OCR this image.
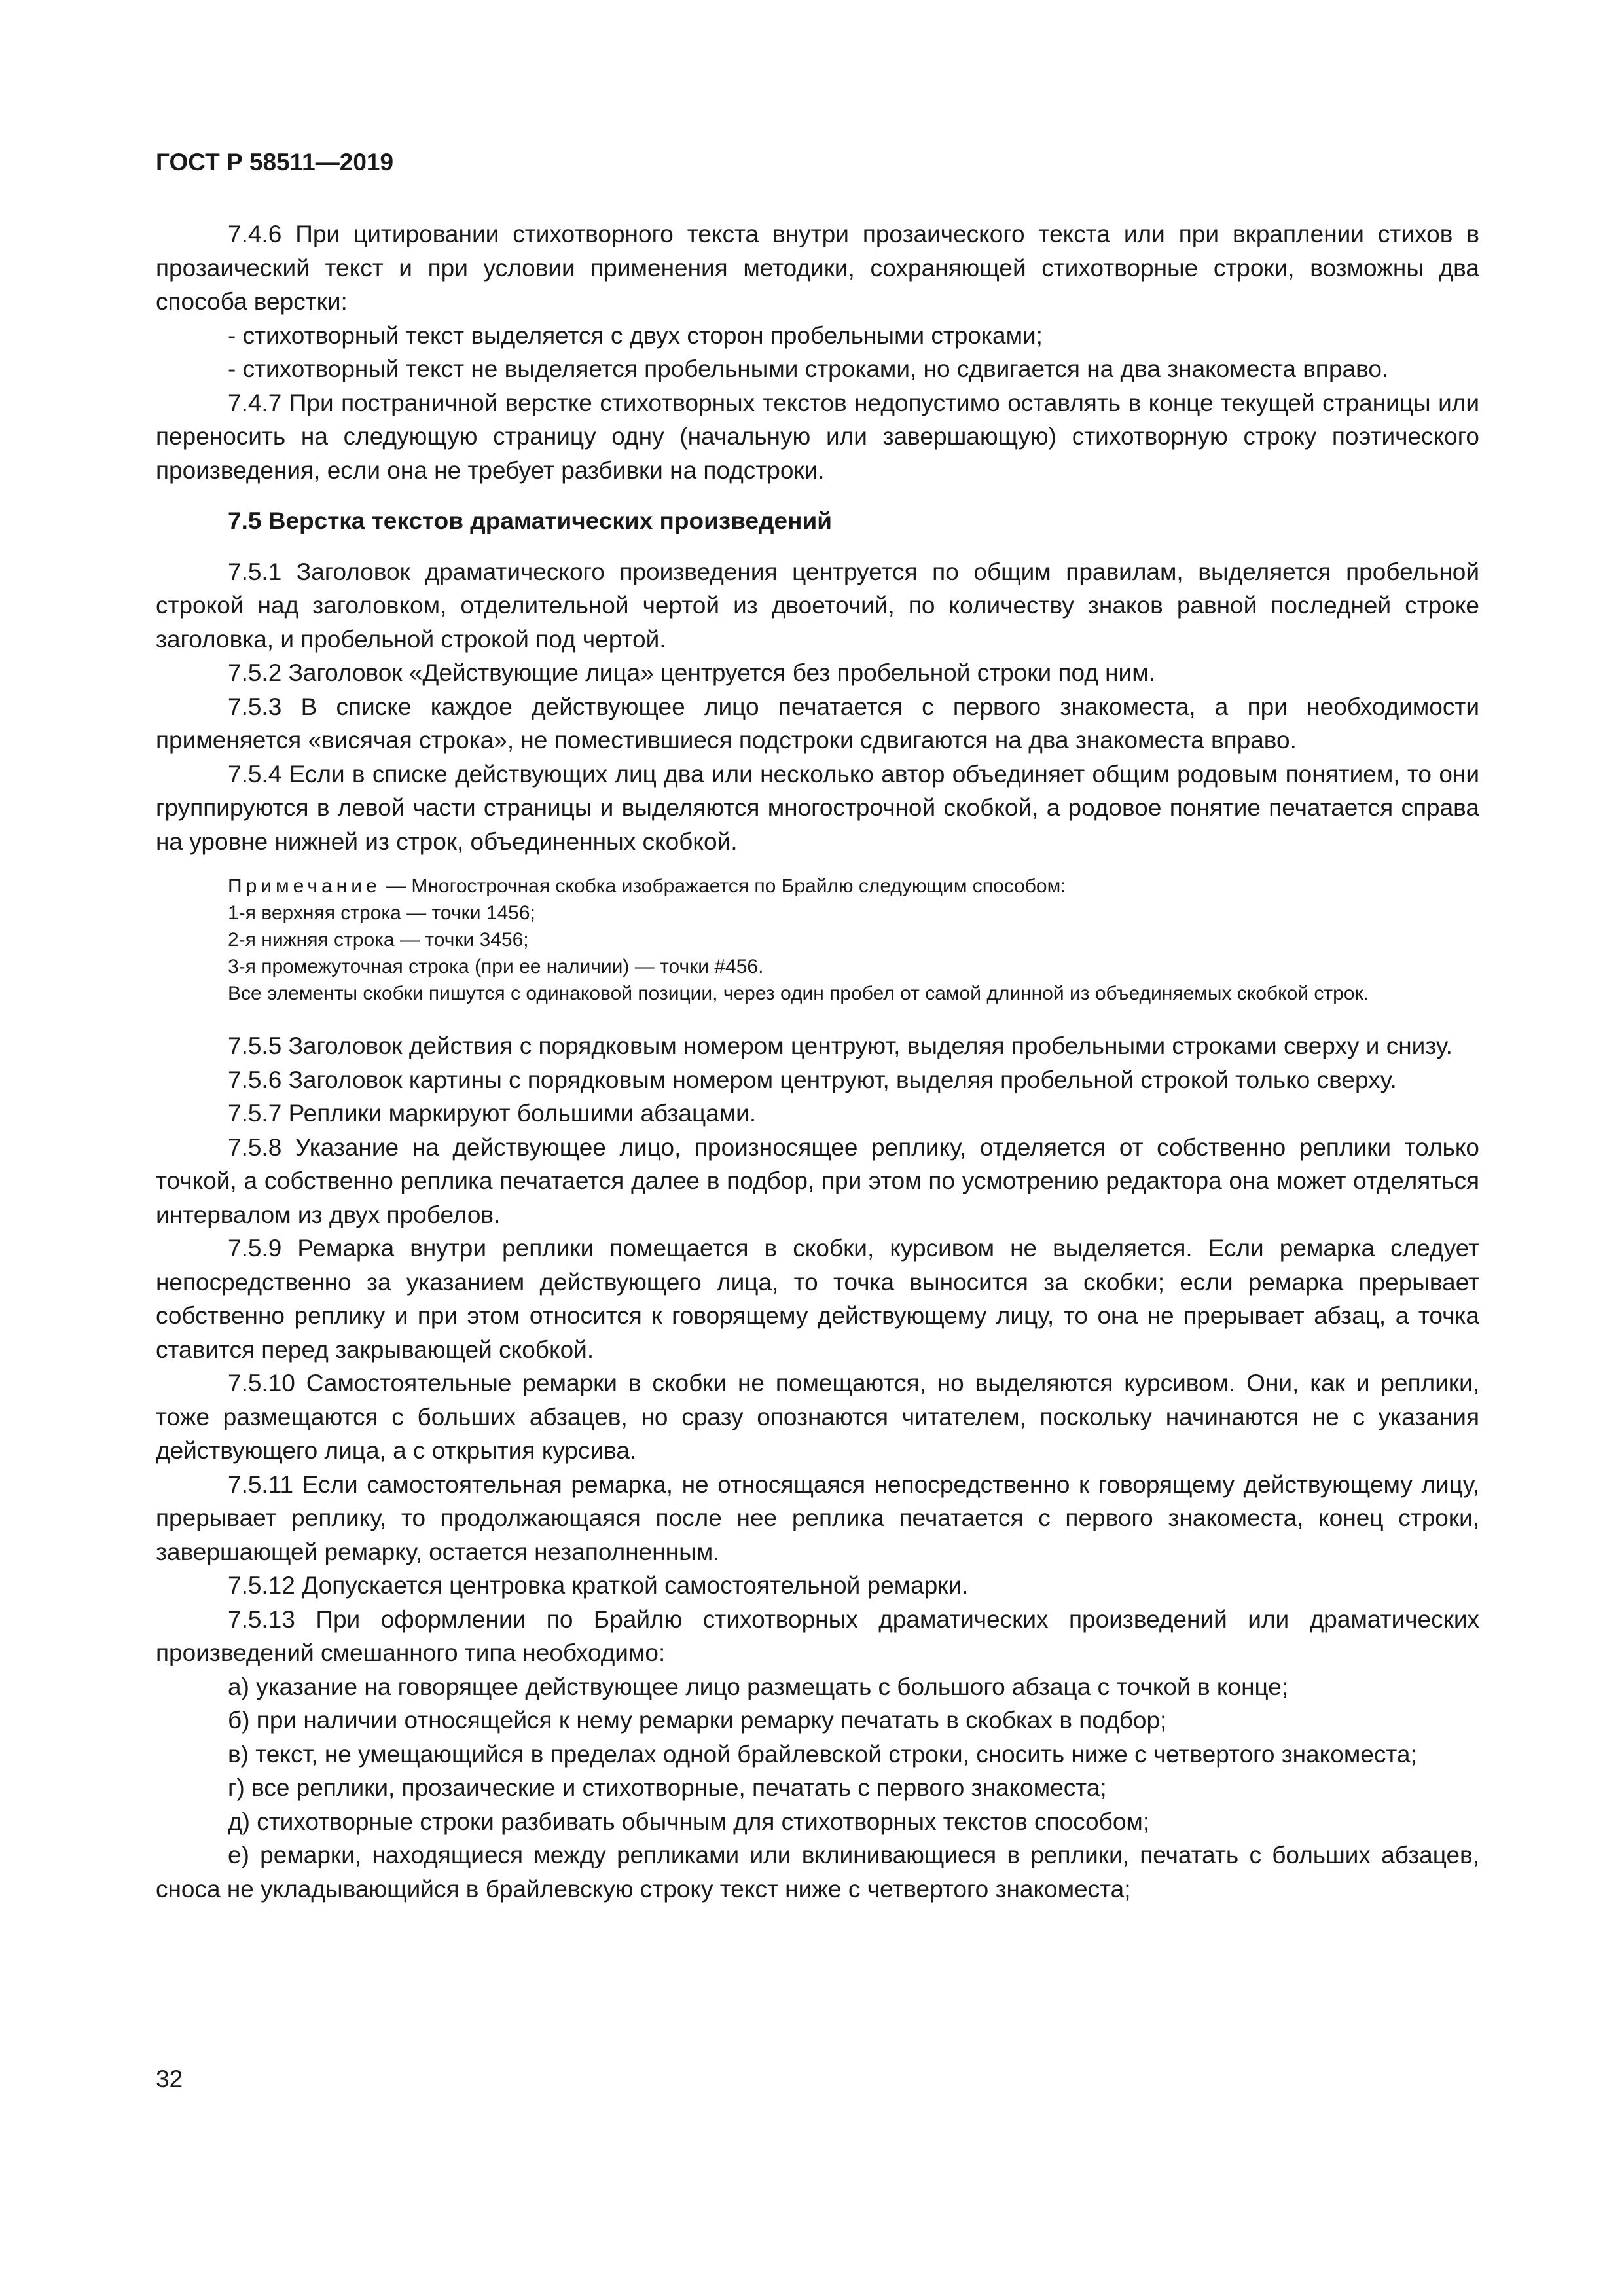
ГОСТ Р 58511—2019

7.4.6 При цитировании стихотворного текста внутри прозаического текста или при вкраплении стихов в прозаический текст и при условии применения методики, сохраняющей стихотворные строки, возможны два способа верстки:

- стихотворный текст выделяется с двух сторон пробельными строками;

- стихотворный текст не выделяется пробельными строками, но сдвигается на два знакоместа вправо.

7.4.7 При постраничной верстке стихотворных текстов недопустимо оставлять в конце текущей страницы или переносить на следующую страницу одну (начальную или завершающую) стихотворную строку поэтического произведения, если она не требует разбивки на подстроки.

7.5 Верстка текстов драматических произведений

7.5.1 Заголовок драматического произведения центруется по общим правилам, выделяется пробельной строкой над заголовком, отделительной чертой из двоеточий, по количеству знаков равной последней строке заголовка, и пробельной строкой под чертой.

7.5.2 Заголовок «Действующие лица» центруется без пробельной строки под ним.

7.5.3 В списке каждое действующее лицо печатается с первого знакоместа, а при необходимости применяется «висячая строка», не поместившиеся подстроки сдвигаются на два знакоместа вправо.

7.5.4 Если в списке действующих лиц два или несколько автор объединяет общим родовым понятием, то они группируются в левой части страницы и выделяются многострочной скобкой, а родовое понятие печатается справа на уровне нижней из строк, объединенных скобкой.

Примечание — Многострочная скобка изображается по Брайлю следующим способом:

1-я верхняя строка — точки 1456;

2-я нижняя строка — точки 3456;

3-я промежуточная строка (при ее наличии) — точки #456.

Все элементы скобки пишутся с одинаковой позиции, через один пробел от самой длинной из объединяемых скобкой строк.

7.5.5 Заголовок действия с порядковым номером центруют, выделяя пробельными строками сверху и снизу.

7.5.6 Заголовок картины с порядковым номером центруют, выделяя пробельной строкой только сверху.

7.5.7 Реплики маркируют большими абзацами.

7.5.8 Указание на действующее лицо, произносящее реплику, отделяется от собственно реплики только точкой, а собственно реплика печатается далее в подбор, при этом по усмотрению редактора она может отделяться интервалом из двух пробелов.

7.5.9 Ремарка внутри реплики помещается в скобки, курсивом не выделяется. Если ремарка следует непосредственно за указанием действующего лица, то точка выносится за скобки; если ремарка прерывает собственно реплику и при этом относится к говорящему действующему лицу, то она не прерывает абзац, а точка ставится перед закрывающей скобкой.

7.5.10 Самостоятельные ремарки в скобки не помещаются, но выделяются курсивом. Они, как и реплики, тоже размещаются с больших абзацев, но сразу опознаются читателем, поскольку начинаются не с указания действующего лица, а с открытия курсива.

7.5.11 Если самостоятельная ремарка, не относящаяся непосредственно к говорящему действующему лицу, прерывает реплику, то продолжающаяся после нее реплика печатается с первого знакоместа, конец строки, завершающей ремарку, остается незаполненным.

7.5.12 Допускается центровка краткой самостоятельной ремарки.

7.5.13 При оформлении по Брайлю стихотворных драматических произведений или драматических произведений смешанного типа необходимо:

а) указание на говорящее действующее лицо размещать с большого абзаца с точкой в конце;

б) при наличии относящейся к нему ремарки ремарку печатать в скобках в подбор;

в) текст, не умещающийся в пределах одной брайлевской строки, сносить ниже с четвертого знакоместа;

г) все реплики, прозаические и стихотворные, печатать с первого знакоместа;

д) стихотворные строки разбивать обычным для стихотворных текстов способом;

е) ремарки, находящиеся между репликами или вклинивающиеся в реплики, печатать с больших абзацев, сноса не укладывающийся в брайлевскую строку текст ниже с четвертого знакоместа;

32
